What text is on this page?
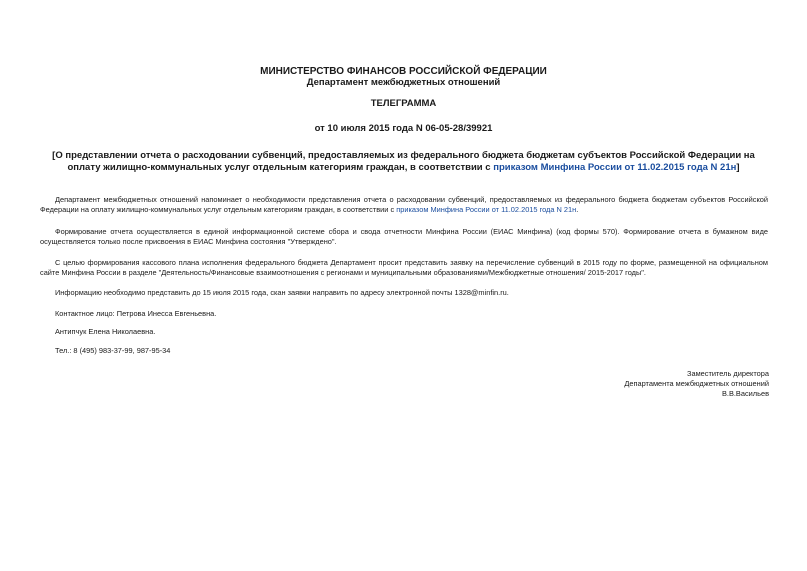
МИНИСТЕРСТВО ФИНАНСОВ РОССИЙСКОЙ ФЕДЕРАЦИИ
Департамент межбюджетных отношений
ТЕЛЕГРАММА
от 10 июля 2015 года N 06-05-28/39921
[О представлении отчета о расходовании субвенций, предоставляемых из федерального бюджета бюджетам субъектов Российской Федерации на оплату жилищно-коммунальных услуг отдельным категориям граждан, в соответствии с приказом Минфина России от 11.02.2015 года N 21н]

Департамент межбюджетных отношений напоминает о необходимости представления отчета о расходовании субвенций, предоставляемых из федерального бюджета бюджетам субъектов Российской Федерации на оплату жилищно-коммунальных услуг отдельным категориям граждан, в соответствии с приказом Минфина России от 11.02.2015 года N 21н.

Формирование отчета осуществляется в единой информационной системе сбора и свода отчетности Минфина России (ЕИАС Минфина) (код формы 570). Формирование отчета в бумажном виде осуществляется только после присвоения в ЕИАС Минфина состояния "Утверждено".

С целью формирования кассового плана исполнения федерального бюджета Департамент просит представить заявку на перечисление субвенций в 2015 году по форме, размещенной на официальном сайте Минфина России в разделе "Деятельность/Финансовые взаимоотношения с регионами и муниципальными образованиями/Межбюджетные отношения/ 2015-2017 годы".

Информацию необходимо представить до 15 июля 2015 года, скан заявки направить по адресу электронной почты 1328@minfin.ru.

Контактное лицо: Петрова Инесса Евгеньевна.

Антипчук Елена Николаевна.

Тел.: 8 (495) 983-37-99, 987-95-34

Заместитель директора
Департамента межбюджетных отношений
В.В.Васильев
